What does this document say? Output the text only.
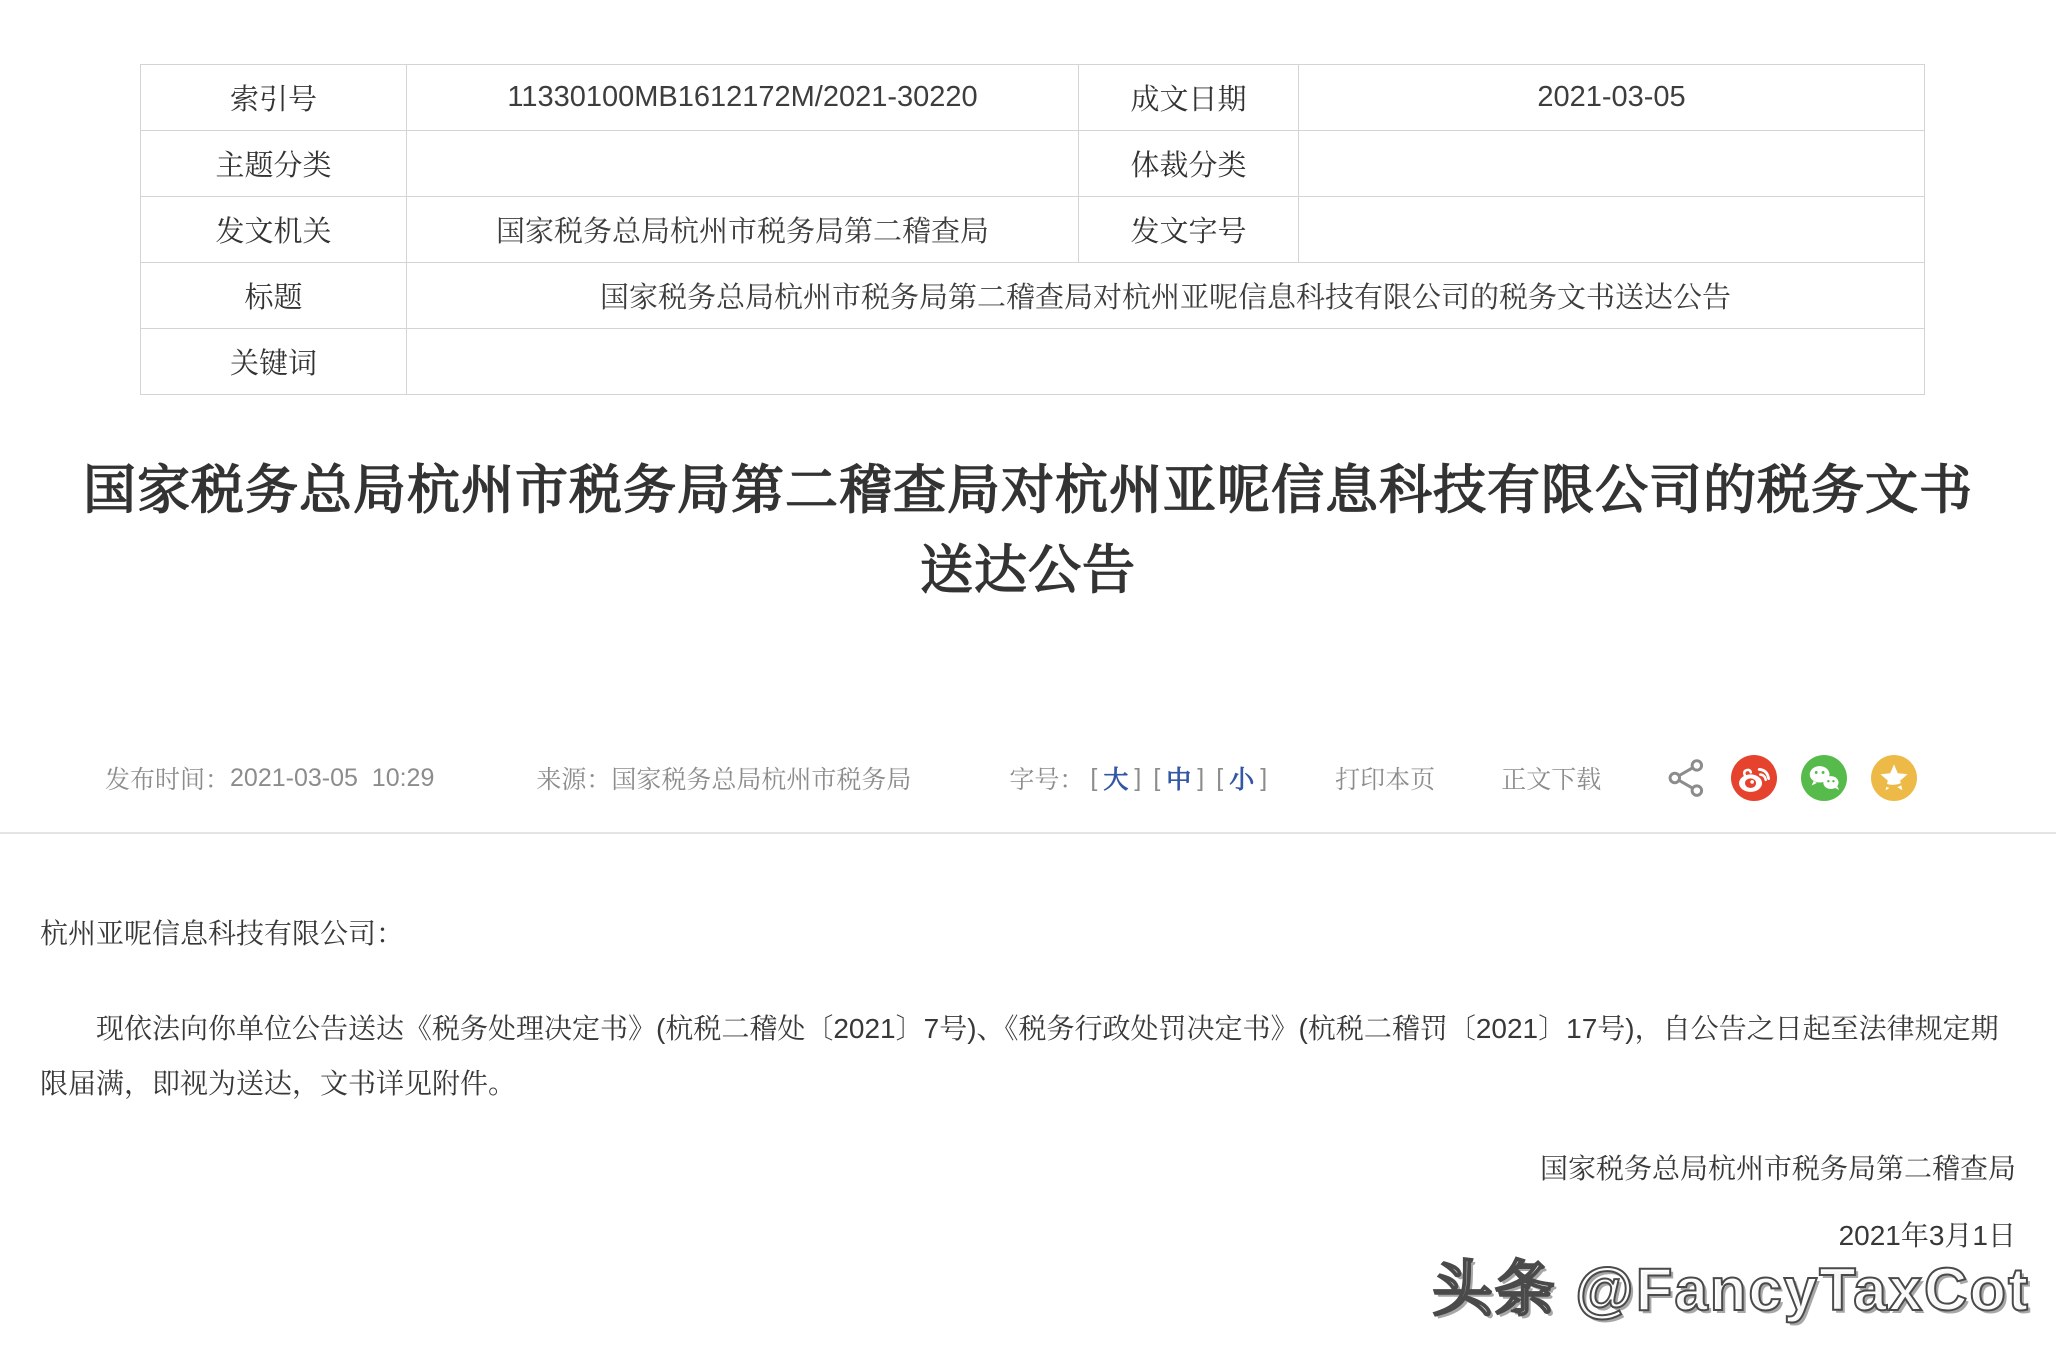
索引号	11330100MB1612172M/2021-30220	成文日期	2021-03-05
主题分类		体裁分类	
发文机关	国家税务总局杭州市税务局第二稽查局	发文字号	
标题	国家税务总局杭州市税务局第二稽查局对杭州亚呢信息科技有限公司的税务文书送达公告		
关键词			
国家税务总局杭州市税务局第二稽查局对杭州亚呢信息科技有限公司的税务文书送达公告
发布时间： 2021-03-05  10:29	来源： 国家税务总局杭州市税务局	字号： [ 大 ] [ 中 ] [ 小 ]	打印本页	正文下载
杭州亚呢信息科技有限公司：
现依法向你单位公告送达《税务处理决定书》(杭税二稽处〔2021〕7号)、《税务行政处罚决定书》(杭税二稽罚〔2021〕17号)，自公告之日起至法律规定期限届满，即视为送达，文书详见附件。
国家税务总局杭州市税务局第二稽查局
2021年3月1日
头条 @FancyTaxCot
